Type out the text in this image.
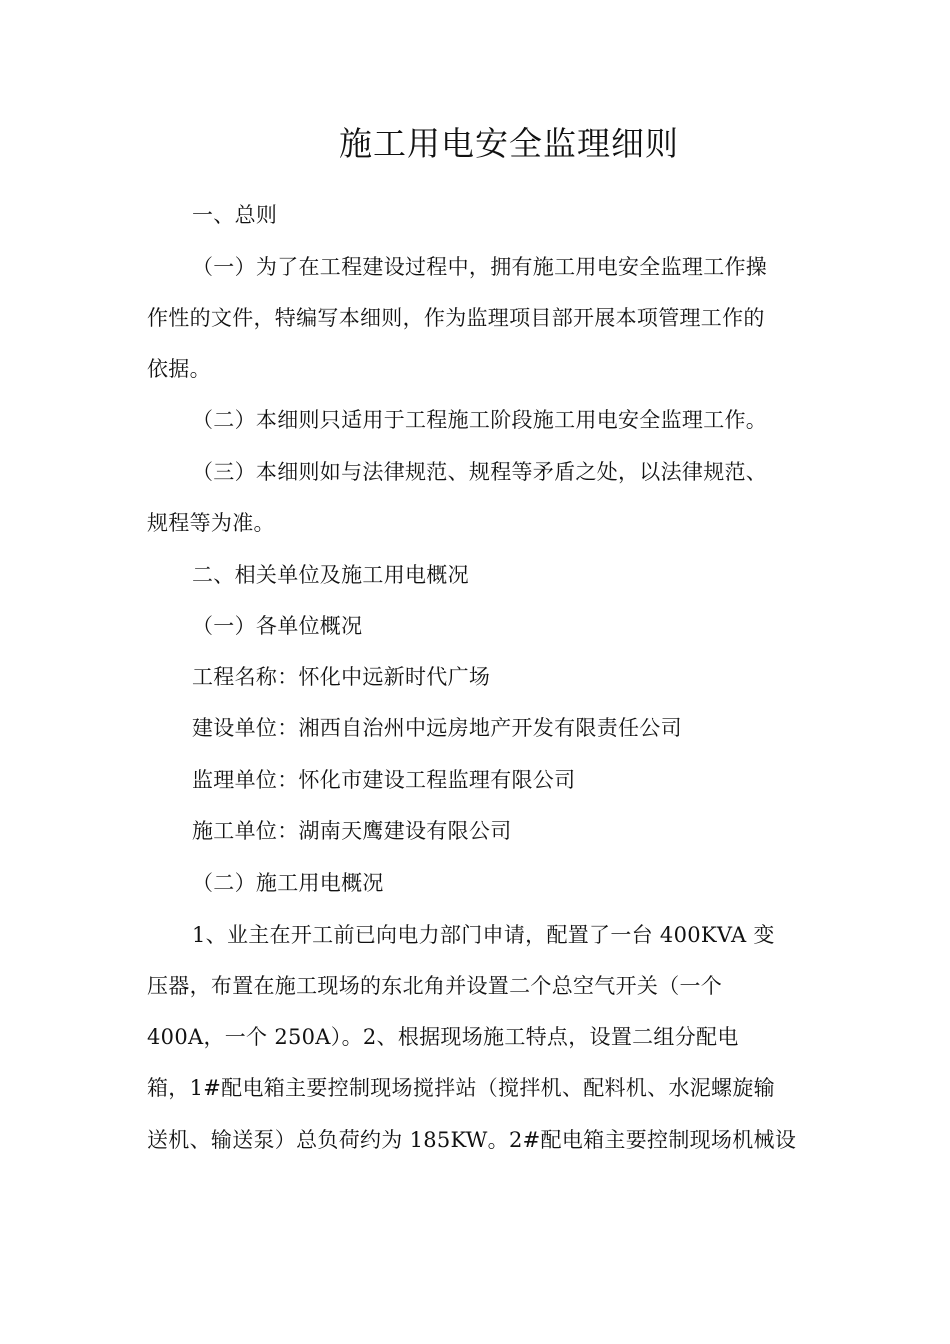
施工用电安全监理细则
一、总则
（一）为了在工程建设过程中，拥有施工用电安全监理工作操
作性的文件，特编写本细则，作为监理项目部开展本项管理工作的
依据。
（二）本细则只适用于工程施工阶段施工用电安全监理工作。
（三）本细则如与法律规范、规程等矛盾之处，以法律规范、
规程等为准。
二、相关单位及施工用电概况
（一）各单位概况
工程名称：怀化中远新时代广场
建设单位：湘西自治州中远房地产开发有限责任公司
监理单位：怀化市建设工程监理有限公司
施工单位：湖南天鹰建设有限公司
（二）施工用电概况
1、业主在开工前已向电力部门申请，配置了一台 400KVA 变
压器，布置在施工现场的东北角并设置二个总空气开关（一个
400A，一个 250A）。2、根据现场施工特点，设置二组分配电
箱，1#配电箱主要控制现场搅拌站（搅拌机、配料机、水泥螺旋输
送机、输送泵）总负荷约为 185KW。2#配电箱主要控制现场机械设
